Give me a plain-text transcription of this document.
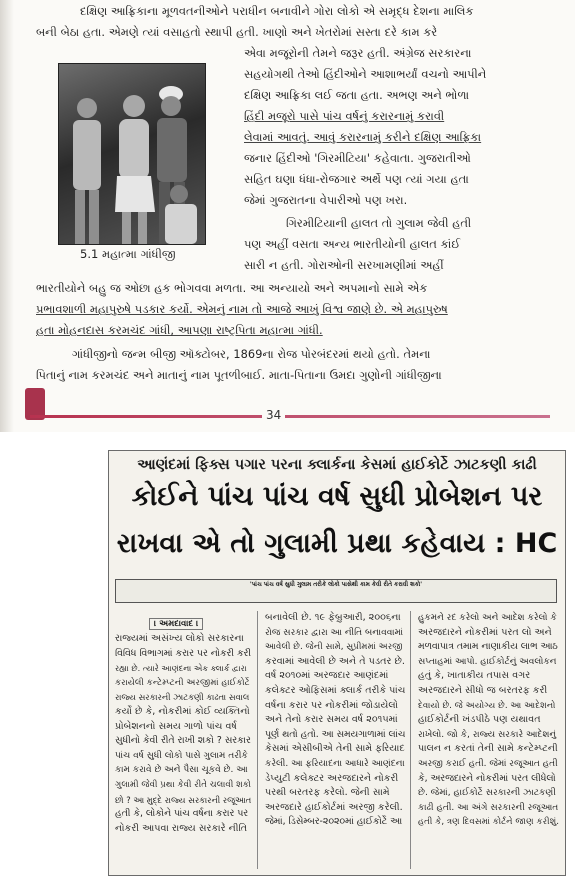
દક્ષિણ આફ્રિકાના મૂળવતનીઓને પરાધીન બનાવીને ગોરા લોકો એ સમૃદ્ધ દેશના માલિક
બની બેઠા હતા. એમણે ત્યાં વસાહતો સ્થાપી હતી. ખાણો અને ખેતરોમાં સસ્તા દરે કામ કરે
એવા મજૂરોની તેમને જરૂર હતી. અંગ્રેજ સરકારના
સહયોગથી તેઓ હિંદીઓને આશાભર્યાં વચનો આપીને
દક્ષિણ આફ્રિકા લઈ જતા હતા. અભણ અને ભોળા
હિંદી મજૂરો પાસે પાંચ વર્ષનું કરારનામું કરાવી
લેવામાં આવતું. આવું કરારનામું કરીને દક્ષિણ આફ્રિકા
જનાર હિંદીઓ 'ગિરમીટિયા' કહેવાતા. ગુજરાતીઓ
સહિત ઘણા ધંધા-રોજગાર અર્થે પણ ત્યાં ગયા હતા
જેમાં ગુજરાતના વેપારીઓ પણ ખરા.
ગિરમીટિયાની હાલત તો ગુલામ જેવી હતી
પણ અહીં વસતા અન્ય ભારતીયોની હાલત કાંઈ
સારી ન હતી. ગોરાઓની સરખામણીમાં અહીં
5.1 મહાત્મા ગાંધીજી
ભારતીયોને બહુ જ ઓછા હક ભોગવવા મળતા. આ અન્યાયો અને અપમાનો સામે એક
પ્રભાવશાળી મહાપુરુષે પડકાર કર્યો. એમનું નામ તો આજે આખું વિશ્વ જાણે છે. એ મહાપુરુષ
હતા મોહનદાસ કરમચંદ ગાંધી, આપણા રાષ્ટ્રપિતા મહાત્મા ગાંધી.
ગાંધીજીનો જન્મ બીજી ઑક્ટોબર, 1869ના રોજ પોરબંદરમાં થયો હતો. તેમના
પિતાનું નામ કરમચંદ અને માતાનું નામ પૂતળીબાઈ. માતા-પિતાના ઉમદા ગુણોની ગાંધીજીના
34
આણંદમાં ફિક્સ પગાર પરના ક્લાર્કના કેસમાં હાઈકોર્ટે ઝાટકણી કાઢી
કોઈને પાંચ પાંચ વર્ષ સુધી પ્રોબેશન પર
રાખવા એ તો ગુલામી પ્રથા કહેવાય : HC
'પાંચ પાંચ વર્ષ સુધી ગુલામ તરીકે લોકો પાસેથી કામ કેવી રીતે કરાવી શકો'
। અમદાવાદ ।
રાજ્યમાં અસંખ્ય લોકો સરકારના
વિવિધ વિભાગમાં કરાર પર નોકરી કરી
રહ્યા છે. ત્યારે આણંદના એક ક્લાર્ક દ્વારા
કરાયેલી કન્ટેમ્પ્ટની અરજીમાં હાઈકોર્ટે
રાજ્ય સરકારની ઝાટકણી કાઢતા સવાલ
કર્યો છે કે, નોકરીમાં કોઈ વ્યક્તિનો
પ્રોબેશનનો સમય ગાળો પાંચ વર્ષ
સુધીનો કેવી રીતે રાખી શકો ? સરકાર
પાંચ વર્ષ સુધી લોકો પાસે ગુલામ તરીકે
કામ કરાવે છે અને પૈસા ચૂકવે છે. આ
ગુલામી જેવી પ્રથા કેવી રીતે ચલાવી શકો
છો ? આ મુદ્દે રાજ્ય સરકારની રજૂઆત
હતી કે, લોકોને પાંચ વર્ષના કરાર પર
નોકરી આપવા રાજ્ય સરકારે નીતિ
બનાવેલી છે. ૧૯ ફેબ્રુઆરી, ૨૦૦૬ના
રોજ સરકાર દ્વારા આ નીતિ બનાવવામાં
આવેલી છે. જેની સામે, સુપ્રીમમાં અરજી
કરવામાં આવેલી છે અને તે પડતર છે.
વર્ષ ૨૦૧૦માં અરજદાર આણંદમાં
કલેક્ટર ઓફિસમાં ક્લાર્ક તરીકે પાંચ
વર્ષના કરાર પર નોકરીમાં જોડાયેલો
અને તેનો કરાર સમય વર્ષ ૨૦૧૫માં
પૂર્ણ થતો હતો. આ સમયગાળામાં લાંચ
કેસમાં એસીબીએ તેની સામે ફરિયાદ
કરેલી. આ ફરિયાદના આધારે આણંદના
ડેપ્યુટી કલેક્ટર અરજદારને નોકરી
પરથી બરતરફ કરેલો. જેની સામે
અરજદારે હાઈકોર્ટમાં અરજી કરેલી.
જેમાં, ડિસેમ્બર-૨૦૨૦માં હાઈકોર્ટે આ
હુકમને રદ કરેલો અને આદેશ કરેલો કે
અરજદારને નોકરીમાં પરત લો અને
મળવાપાત્ર તમામ નાણાકીય લાભ આઠ
સપ્તાહમાં આપો. હાઈકોર્ટનું અવલોકન
હતું કે, ખાતાકીય તપાસ વગર
અરજદારને સીધો જ બરતરફ કરી
દેવાયો છે. જે અયોગ્ય છે. આ આદેશનો
હાઈકોર્ટની ખંડપીઠે પણ યથાવત
રાખેલો. જો કે, રાજ્ય સરકારે આદેશનું
પાલન ન કરતાં તેની સામે કન્ટેમ્પ્ટની
અરજી કરાઈ હતી. જેમાં રજૂઆત હતી
કે, અરજદારને નોકરીમાં પરત લીધેલો
છે. જેમાં, હાઈકોર્ટે સરકારની ઝાટકણી
કાઢી હતી. આ અંગે સરકારની રજૂઆત
હતી કે, ત્રણ દિવસમાં કોર્ટને જાણ કરીશું.
